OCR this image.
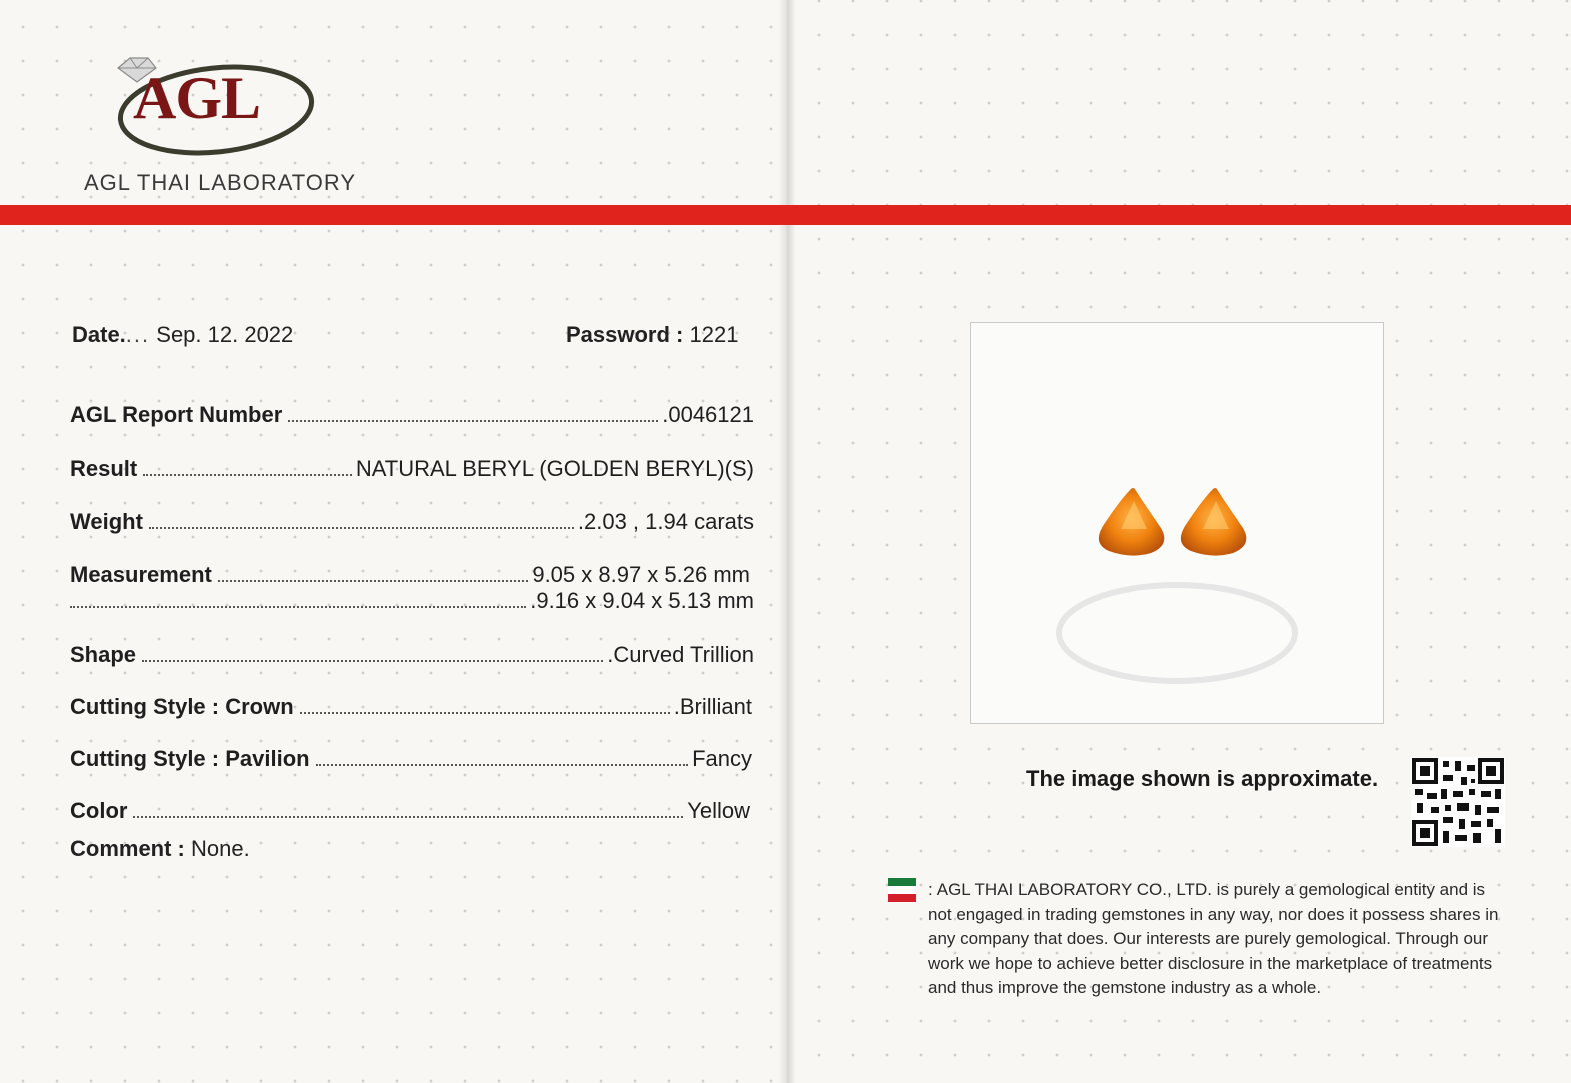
AGL
AGL THAI LABORATORY
Date.... Sep. 12. 2022	Password : 1221
AGL Report Number	.0046121
Result	NATURAL BERYL (GOLDEN BERYL)(S)
Weight	.2.03 , 1.94 carats
Measurement	9.05 x 8.97 x 5.26 mm
.9.16 x 9.04 x 5.13 mm
Shape	.Curved Trillion
Cutting Style : Crown	.Brilliant
Cutting Style : Pavilion	Fancy
Color	Yellow
Comment : None.
The image shown is approximate.
: AGL THAI LABORATORY CO., LTD. is purely a gemological entity and is not engaged in trading gemstones in any way, nor does it possess shares in any company that does. Our interests are purely gemological. Through our work we hope to achieve better disclosure in the marketplace of treatments and thus improve the gemstone industry as a whole.
